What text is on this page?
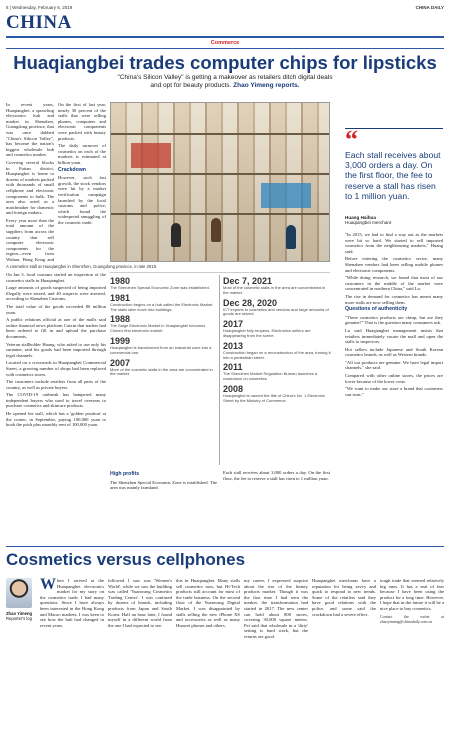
6 | Wednesday, February 6, 2019	CHINA DAILY
CHINA
Commerce
Huaqiangbei trades computer chips for lipsticks
"China's Silicon Valley" is getting a makeover as retailers ditch digital deals
and opt for beauty products. Zhao Yimeng reports.

In recent years, Huaqiangbei, a sprawling electronics hub and market in Shenzhen, Guangdong province, that was once dubbed "China's Silicon Valley", has become the nation's biggest wholesale hub and cosmetics market.

Covering several blocks in Futian district, Huaqiangbei is home to dozens of markets packed with thousands of small cellphone and electronic components to bulk. The area also acted as a matchmaker for domestic and foreign makers.

Every year more than the total amount of the suppliers from across the country that sell computer electronic components for the region—even from Wuhan, Hong Kong and

On the first of last year, nearly 30 percent of the stalls that were selling phones, computers and electronic components were packed with beauty products.

The daily turnover of cosmetics on each of the markets is estimated at billion yuan.

Crackdown

However, such fast growth, the stock vendors were hit by a market verification campaign launched by the local customs and police, which found the widespread smuggling of the cosmetic trade.

A cosmetics stall at Huaqiangbei in Shenzhen, Guangdong province, in late 2018.
“
Each stall receives about 3,000 orders a day. On the first floor, the fee to reserve a stall has risen to 1 million yuan.
Huang Haihua
Huaqiangbei merchant

"In 2015, we had to find a way out as the markets were hit so hard. We started to sell imported cosmetics from the neighbouring markets," Huang said.

Before entering the cosmetics sector, many Shenzhen vendors had been selling mobile phones and electronic components.

"While doing research, we found that most of our customers in the middle of the market were concentrated in northern China," said Lu.

The rise in demand for cosmetics has meant many more stalls are now selling them.

Questions of authenticity

"These cosmetics products are cheap, but are they genuine?" That is the question many consumers ask.

Lu said Huaqiangbei management insists that retailers immediately vacate the mall and open the stalls to inspectors.

Hot sellers include Japanese and South Korean cosmetics brands, as well as Western brands.

"All our products are genuine. We have legal import channels," she said.

Compared with other online stores, the prices are lower because of the lower costs.

"We want to make our store a brand that customers can trust."

On Jan 3, local customs started an inspection of the cosmetics stalls in Huaqiangbei.

Large amounts of goods suspected of being imported illegally were seized, and 40 suspects were arrested, according to Shenzhen Customs.

The total value of the goods exceeded 80 million yuan.

A public relations official at one of the malls said online financial news platform Caixin that traders had been ordered to fill in and upload the purchase documents.

Veteran stallholder Huang, who asked to use only his surname, said his goods had been imported through legal channels.

Located on a crossroads in Huaqiangbei Commercial Street, a growing number of shops had been replaced with cosmetics stores.

The customers include retailers from all parts of the country, as well as private buyers.

The COVID-19 outbreak has hampered many independent buyers who used to travel overseas to purchase cosmetics and skincare products.

He opened his stall, which has a 'golden position' at the corner, in September, paying 100,000 yuan to book the pitch plus monthly rent of 100,000 yuan.

1980
The Shenzhen Special Economic Zone was established.
1981
Construction begins on a hub called the Electronic Market. The stalls later move into buildings.
1988
The Saige Electronic Market in Huaqiangbei becomes China's first electronic market.
1999
Huaqiangbei is transformed from an industrial zone into a commercial one.
2007
More of the cosmetic stalls in the area are concentrated in the market.
Dec 7, 2021
Most of the cosmetic stalls in the area are concentrated in the market.
Dec 28, 2020
ICT imports to cosmetics and vendors and large amounts of goods are seized.
2017
Huaqiangbei fully reopens. Electronics sellers are disappearing from the scene.
2013
Construction began on a reconstruction of the area, turning it into a pedestrian street.
2011
The Shenzhen Market Regulation Bureau launches a crackdown on cosmetics.
2008
Huaqiangbei is named the title of China's No. 1 Electronic Street by the Ministry of Commerce.
High profits

The Shenzhen Special Economic Zone is established. The area was mainly farmland.

Each stall receives about 3,000 orders a day. On the first floor, the fee to reserve a stall has risen to 1 million yuan.

Cosmetics versus cellphones
Zhao Yimeng
Reporter's log
W hen I arrived at the Huaqiangbei electronics market for my story on the cosmetics trade, I had many questions. Since I have always been interested in the Hong Kong and Macao markets, I was keen to see how the hub had changed in recent years.

followed I saw was 'Women's World', while we saw the building was called 'Yuanwang Cosmetics Trading Center'. I was confused by dozens of brands, including products from Japan and South Korea. Half an hour later, I found myself in a different world from the one I had expected to see.

this in Huaqiangbei. Many stalls sell cosmetics now, but Hi-Tech products still account for most of the trade business. On the second floor of the Yuanwang Digital Market, I was disappointed by stalls selling the new iPhone XS and accessories as well as many Huawei phones and others.

my career, I expressed surprise about the rise of the beauty products market. Though it was the first time I had seen the market, the transformation had started in 2017. The new center can hold about 800 stores, covering 30,000 square meters. Fei said that wholesale in a 'dirty' setting is hard work, but the returns are good.

Huaqiangbei merchants have a reputation for being savvy and quick to respond to new trends. Some of the retailers said they have good relations with the police, and some said the crackdown had a severe effect.

tough trade that seemed relatively big ones. It has a seat of fear because I have been using the product for a long time. However, I hope that in the future it will be a nice place to buy cosmetics.

Contact the writer at zhaoyimeng@chinadaily.com.cn
